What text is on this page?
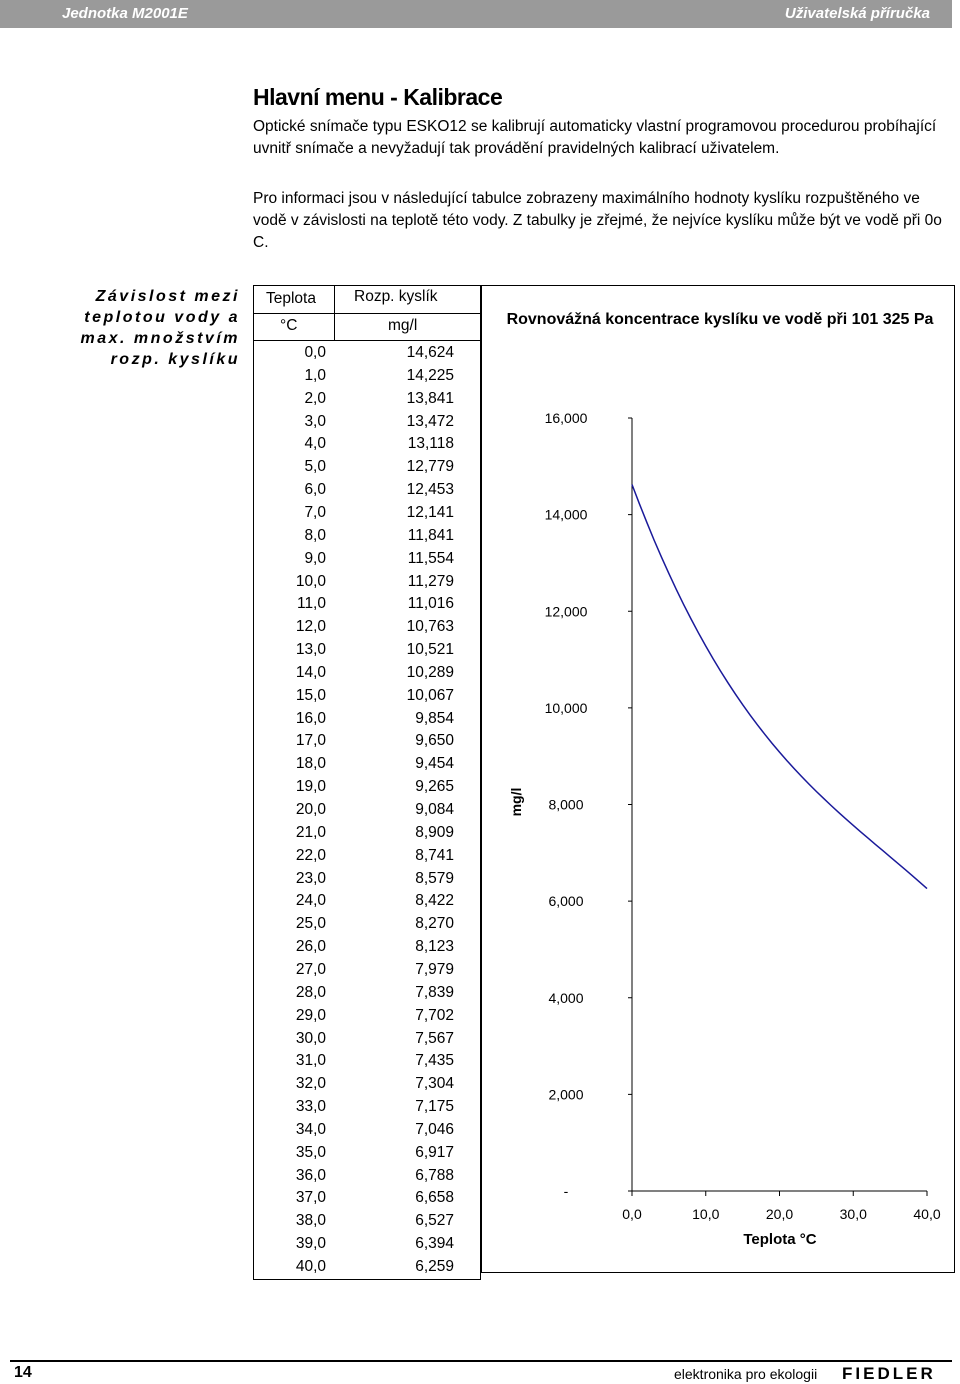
Jednotka M2001E	Uživatelská příručka
Hlavní menu - Kalibrace
Optické snímače typu ESKO12 se kalibrují automaticky vlastní programovou procedurou probíhající uvnitř snímače a nevyžadují tak provádění pravidelných kalibrací uživatelem.
Pro informaci jsou v následující tabulce zobrazeny maximálního hodnoty kyslíku rozpuštěného ve vodě v závislosti na teplotě této vody. Z tabulky je zřejmé, že nejvíce kyslíku může být ve vodě při 0o C.
Závislost mezi
teplotou vody a
max. množstvím
rozp. kyslíku
Teplota Rozp. kyslík
°C	mg/l
0,0	14,624
1,0	14,225
2,0	13,841
3,0	13,472
4,0	13,118
5,0	12,779
6,0	12,453
7,0	12,141
8,0	11,841
9,0	11,554
10,0	11,279
11,0	11,016
12,0	10,763
13,0	10,521
14,0	10,289
15,0	10,067
16,0	9,854
17,0	9,650
18,0	9,454
19,0	9,265
20,0	9,084
21,0	8,909
22,0	8,741
23,0	8,579
24,0	8,422
25,0	8,270
26,0	8,123
27,0	7,979
28,0	7,839
29,0	7,702
30,0	7,567
31,0	7,435
32,0	7,304
33,0	7,175
34,0	7,046
35,0	6,917
36,0	6,788
37,0	6,658
38,0	6,527
39,0	6,394
40,0	6,259
Rovnovážná koncentrace kyslíku ve vodě při 101 325 Pa
-
2,000
4,000
6,000
8,000
10,000
12,000
14,000
16,000
0,0	10,0	20,0	30,0	40,0
mg/l
Teplota °C
14	elektronika pro ekologii FIEDLER
